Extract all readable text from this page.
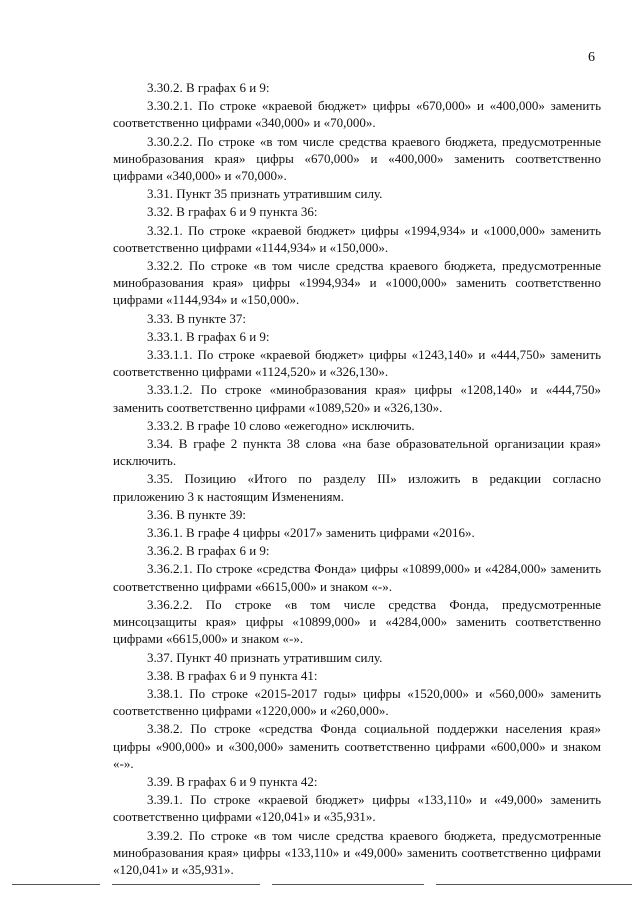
6

3.30.2. В графах 6 и 9:

3.30.2.1. По строке «краевой бюджет» цифры «670,000» и «400,000» заменить соответственно цифрами «340,000» и «70,000».

3.30.2.2. По строке «в том числе средства краевого бюджета, предусмотренные минобразования края» цифры «670,000» и «400,000» заменить соответственно цифрами «340,000» и «70,000».

3.31. Пункт 35 признать утратившим силу.

3.32. В графах 6 и 9 пункта 36:

3.32.1. По строке «краевой бюджет» цифры «1994,934» и «1000,000» заменить соответственно цифрами «1144,934» и «150,000».

3.32.2. По строке «в том числе средства краевого бюджета, предусмотренные минобразования края» цифры «1994,934» и «1000,000» заменить соответственно цифрами «1144,934» и «150,000».

3.33. В пункте 37:

3.33.1. В графах 6 и 9:

3.33.1.1. По строке «краевой бюджет» цифры «1243,140» и «444,750» заменить соответственно цифрами «1124,520» и «326,130».

3.33.1.2. По строке «минобразования края» цифры «1208,140» и «444,750» заменить соответственно цифрами «1089,520» и «326,130».

3.33.2. В графе 10 слово «ежегодно» исключить.

3.34. В графе 2 пункта 38 слова «на базе образовательной организации края» исключить.

3.35. Позицию «Итого по разделу III» изложить в редакции согласно приложению 3 к настоящим Изменениям.

3.36. В пункте 39:

3.36.1. В графе 4 цифры «2017» заменить цифрами «2016».

3.36.2. В графах 6 и 9:

3.36.2.1. По строке «средства Фонда» цифры «10899,000» и «4284,000» заменить соответственно цифрами «6615,000» и знаком «-».

3.36.2.2. По строке «в том числе средства Фонда, предусмотренные минсоцзащиты края» цифры «10899,000» и «4284,000» заменить соответственно цифрами «6615,000» и знаком «-».

3.37. Пункт 40 признать утратившим силу.

3.38. В графах 6 и 9 пункта 41:

3.38.1. По строке «2015-2017 годы» цифры «1520,000» и «560,000» заменить соответственно цифрами «1220,000» и «260,000».

3.38.2. По строке «средства Фонда социальной поддержки населения края» цифры «900,000» и «300,000» заменить соответственно цифрами «600,000» и знаком «-».

3.39. В графах 6 и 9 пункта 42:

3.39.1. По строке «краевой бюджет» цифры «133,110» и «49,000» заменить соответственно цифрами «120,041» и «35,931».

3.39.2. По строке «в том числе средства краевого бюджета, предусмотренные минобразования края» цифры «133,110» и «49,000» заменить соответственно цифрами «120,041» и «35,931».
